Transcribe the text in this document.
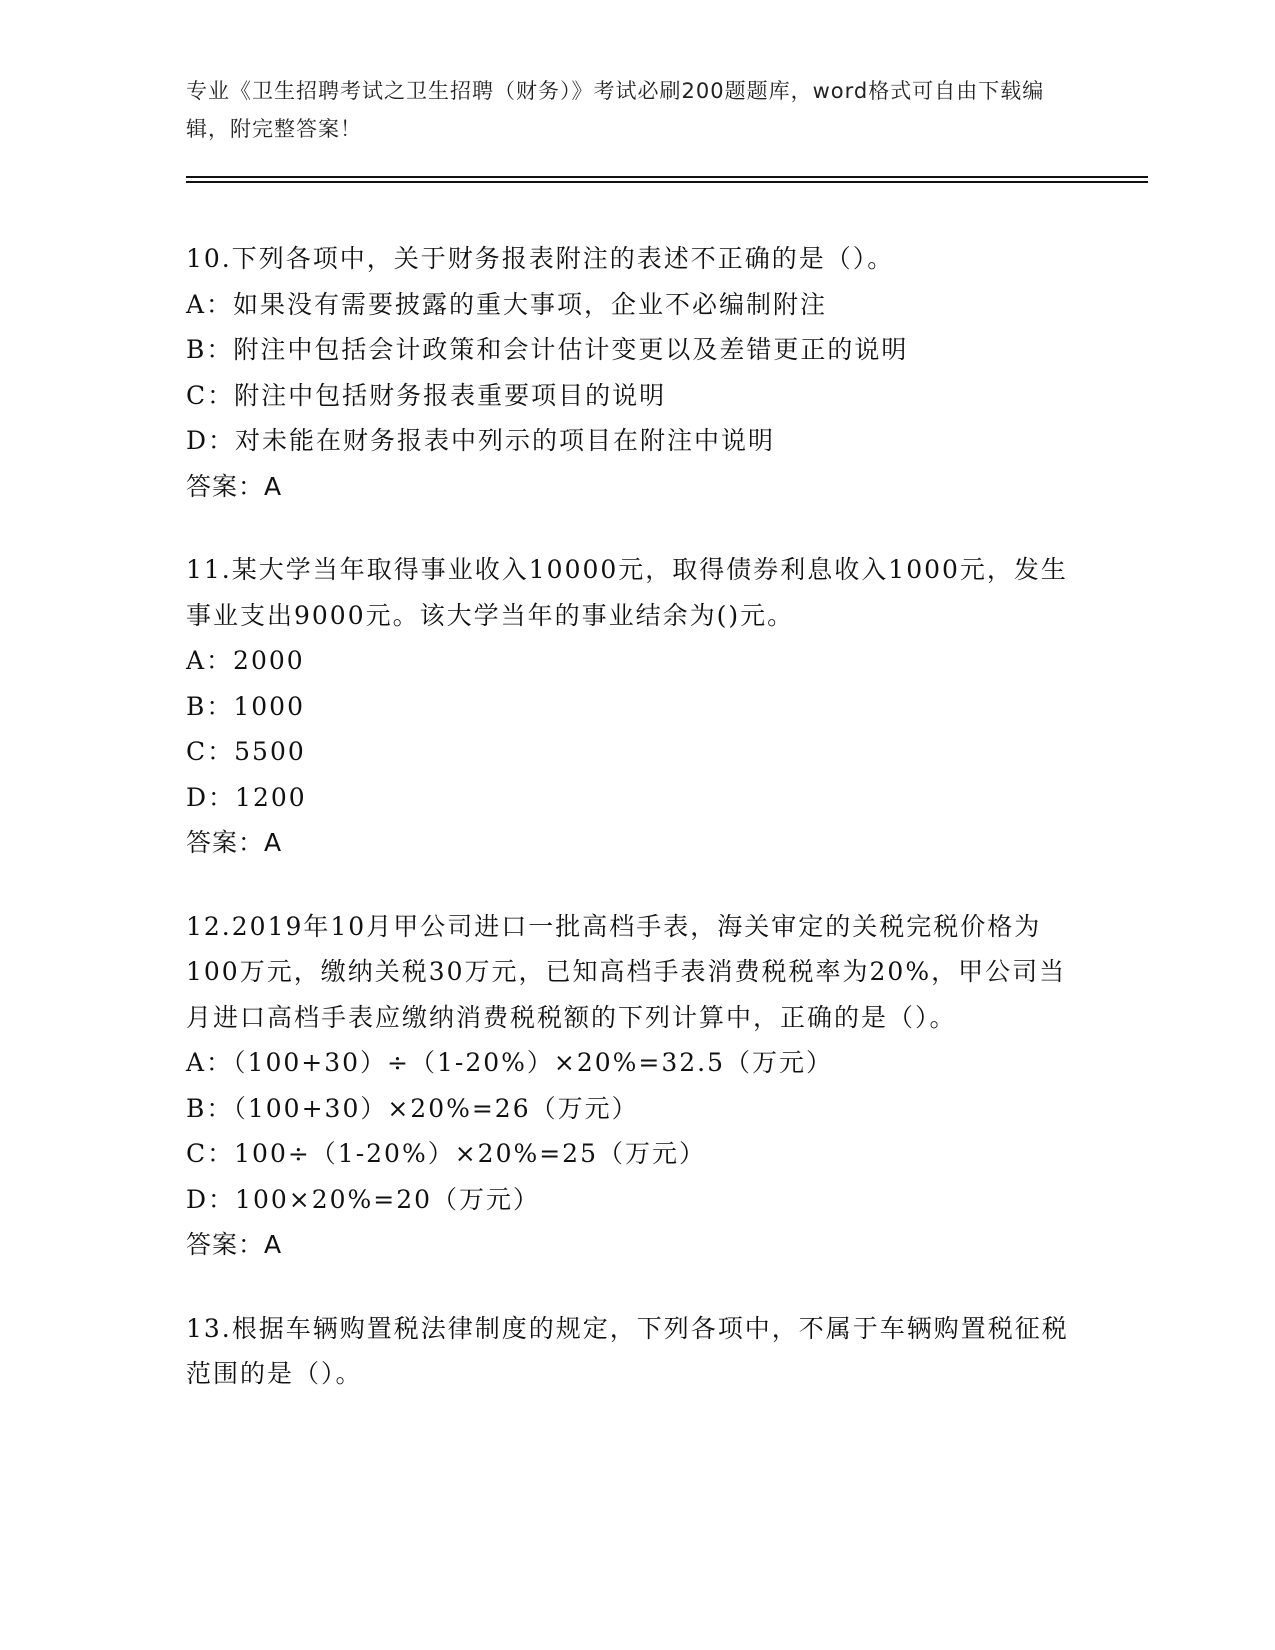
专业《卫生招聘考试之卫生招聘（财务）》考试必刷200题题库，word格式可自由下载编辑，附完整答案！

10.下列各项中，关于财务报表附注的表述不正确的是（）。

A：如果没有需要披露的重大事项，企业不必编制附注

B：附注中包括会计政策和会计估计变更以及差错更正的说明

C：附注中包括财务报表重要项目的说明

D：对未能在财务报表中列示的项目在附注中说明

答案：A

11.某大学当年取得事业收入10000元，取得债券利息收入1000元，发生事业支出9000元。该大学当年的事业结余为()元。

A：2000

B：1000

C：5500

D：1200

答案：A

12.2019年10月甲公司进口一批高档手表，海关审定的关税完税价格为100万元，缴纳关税30万元，已知高档手表消费税税率为20%，甲公司当月进口高档手表应缴纳消费税税额的下列计算中，正确的是（）。

A：（100+30）÷（1-20%）×20%=32.5（万元）

B：（100+30）×20%=26（万元）

C：100÷（1-20%）×20%=25（万元）

D：100×20%=20（万元）

答案：A

13.根据车辆购置税法律制度的规定，下列各项中，不属于车辆购置税征税范围的是（）。
